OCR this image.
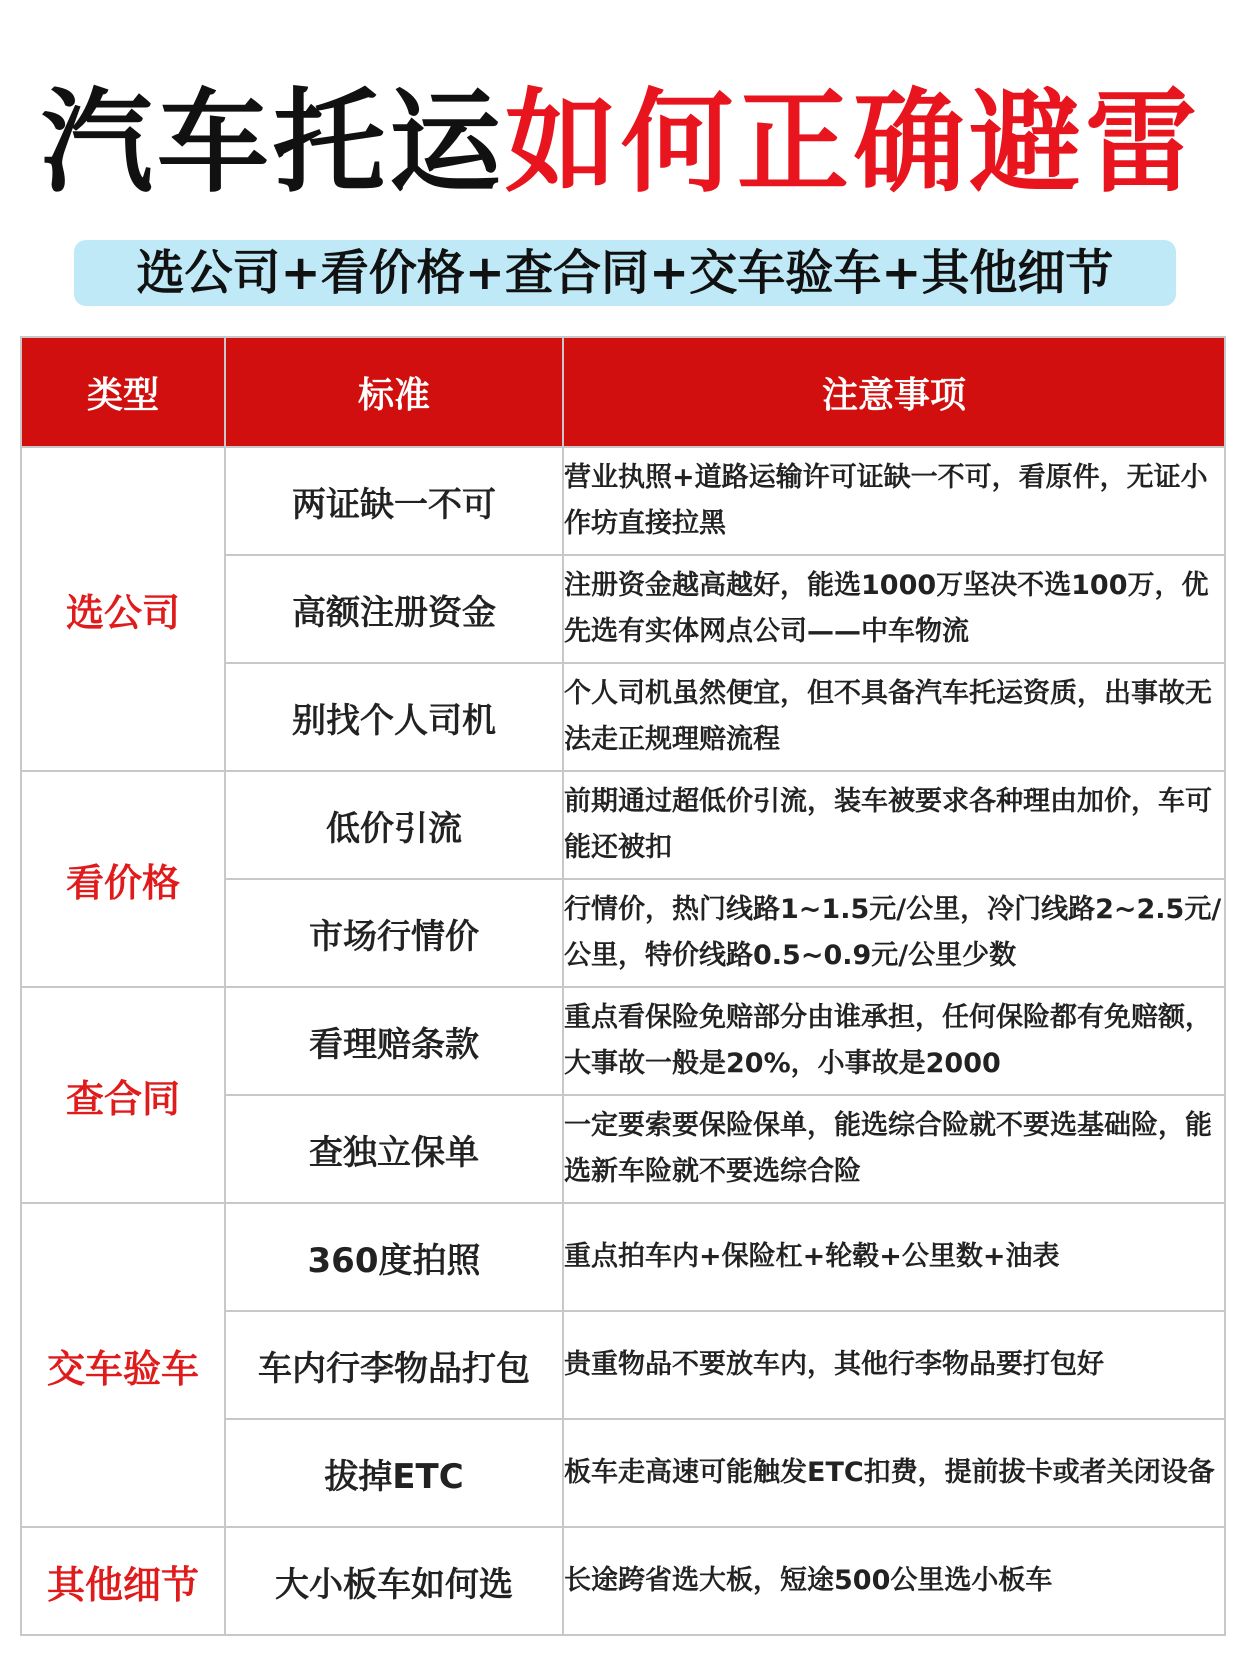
汽车托运如何正确避雷
选公司+看价格+查合同+交车验车+其他细节
类型	标准	注意事项
选公司	两证缺一不可	营业执照+道路运输许可证缺一不可，看原件，无证小作坊直接拉黑
	高额注册资金	注册资金越高越好，能选1000万坚决不选100万，优先选有实体网点公司——中车物流
	别找个人司机	个人司机虽然便宜，但不具备汽车托运资质，出事故无法走正规理赔流程
看价格	低价引流	前期通过超低价引流，装车被要求各种理由加价，车可能还被扣
	市场行情价	行情价，热门线路1~1.5元/公里，冷门线路2~2.5元/公里，特价线路0.5~0.9元/公里少数
查合同	看理赔条款	重点看保险免赔部分由谁承担，任何保险都有免赔额，大事故一般是20%，小事故是2000
	查独立保单	一定要索要保险保单，能选综合险就不要选基础险，能选新车险就不要选综合险
交车验车	360度拍照	重点拍车内+保险杠+轮毂+公里数+油表
	车内行李物品打包	贵重物品不要放车内，其他行李物品要打包好
	拔掉ETC	板车走高速可能触发ETC扣费，提前拔卡或者关闭设备
其他细节	大小板车如何选	长途跨省选大板，短途500公里选小板车
